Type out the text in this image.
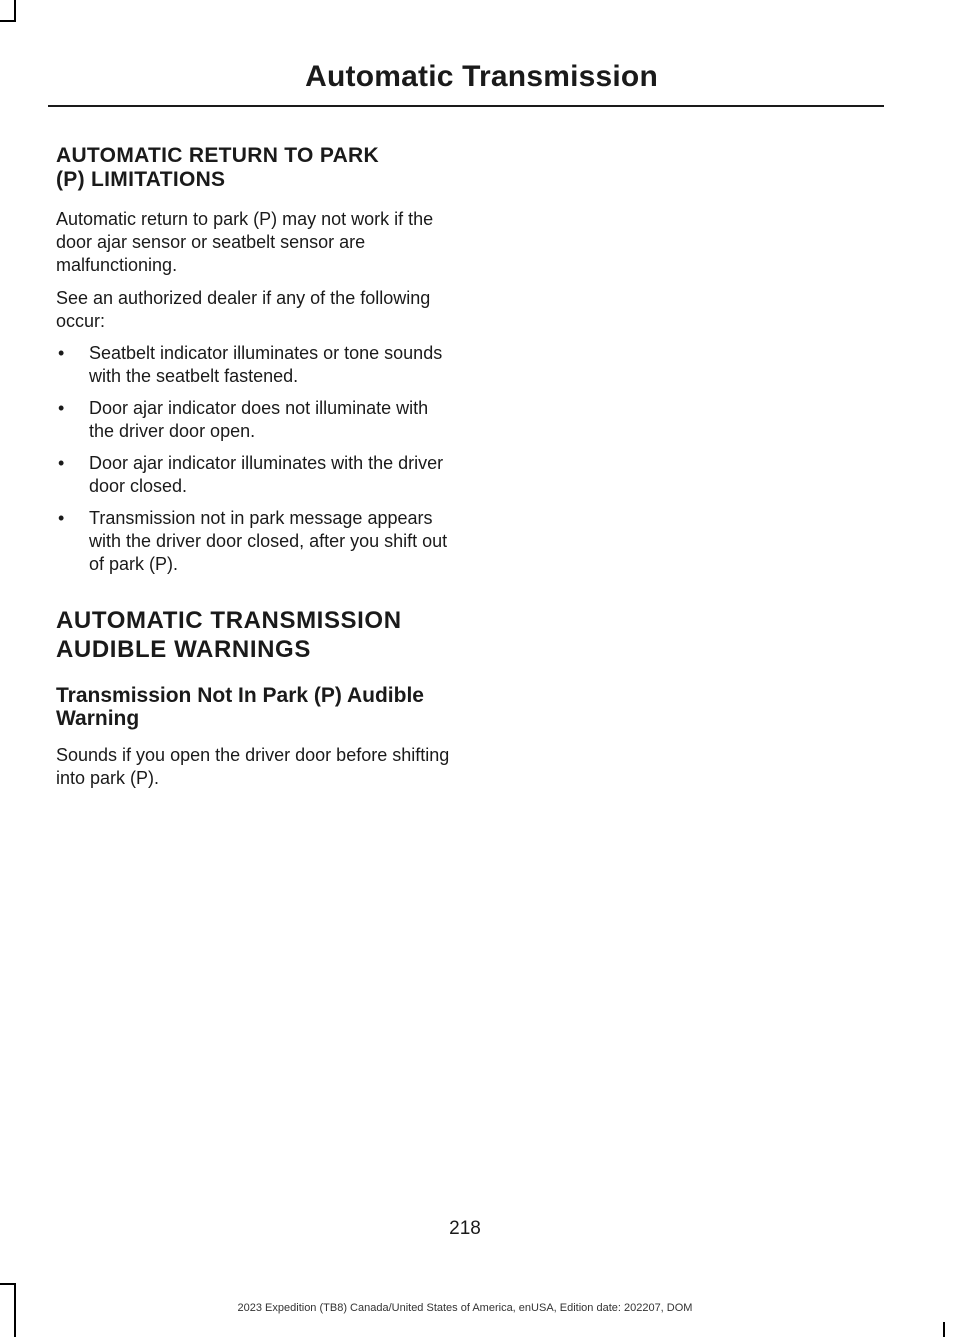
Automatic Transmission
AUTOMATIC RETURN TO PARK
(P) LIMITATIONS

Automatic return to park (P) may not work if the door ajar sensor or seatbelt sensor are malfunctioning.

See an authorized dealer if any of the following occur:

• Seatbelt indicator illuminates or tone sounds with the seatbelt fastened.
• Door ajar indicator does not illuminate with the driver door open.
• Door ajar indicator illuminates with the driver door closed.
• Transmission not in park message appears with the driver door closed, after you shift out of park (P).
AUTOMATIC TRANSMISSION
AUDIBLE WARNINGS
Transmission Not In Park (P) Audible Warning

Sounds if you open the driver door before shifting into park (P).

218
2023 Expedition (TB8) Canada/United States of America, enUSA, Edition date: 202207, DOM
